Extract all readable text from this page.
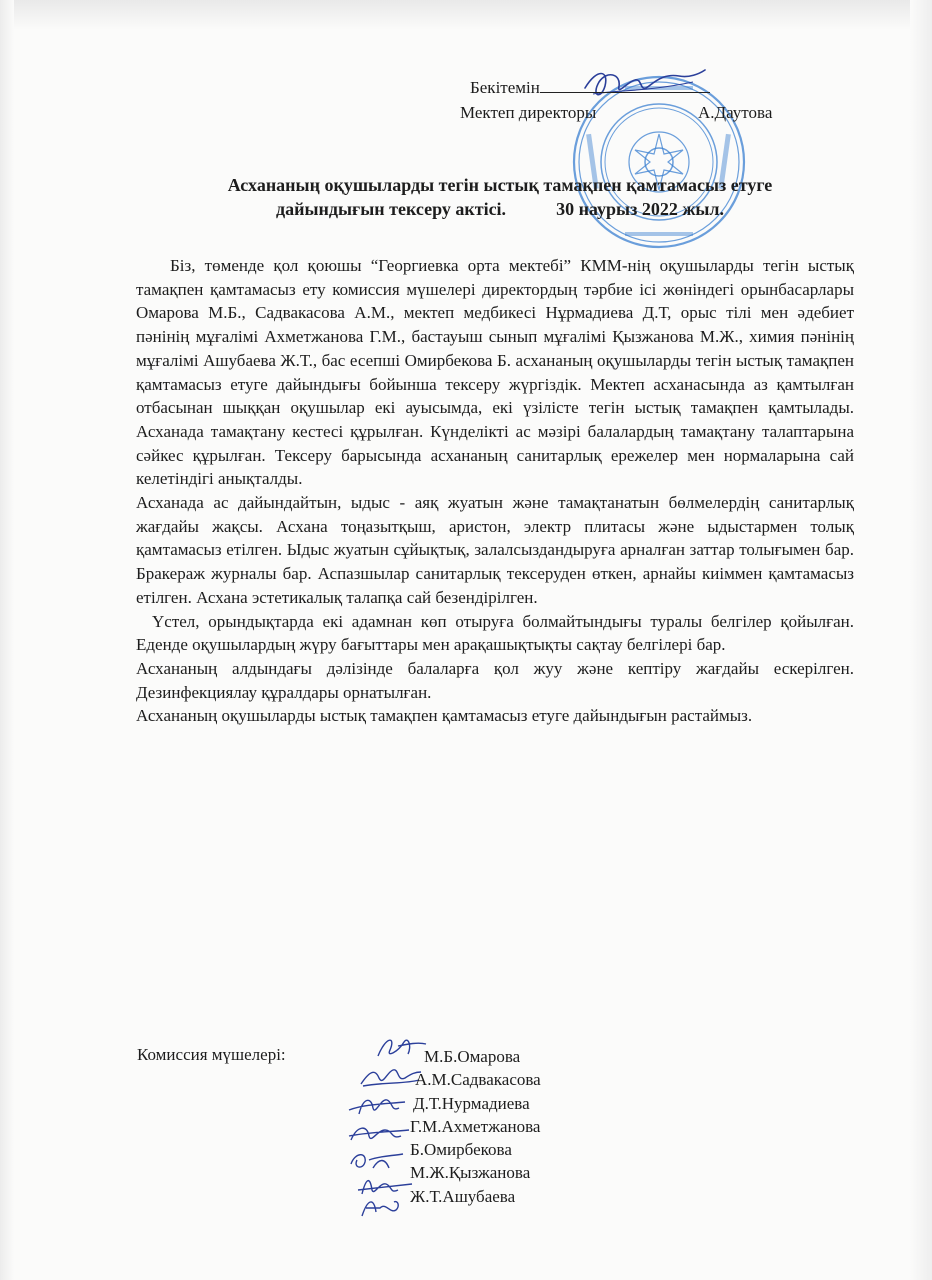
Бекітемін
Мектеп директоры	А.Даутова
Асхананың оқушыларды тегін ыстық тамақпен қамтамасыз етуге
дайындығын тексеру актісі.	30 наурыз 2022 жыл.

Біз, төменде қол қоюшы “Георгиевка орта мектебі” КММ-нің оқушыларды тегін ыстық тамақпен қамтамасыз ету комиссия мүшелері директордың тәрбие ісі жөніндегі орынбасарлары Омарова М.Б., Садвакасова А.М., мектеп медбикесі Нұрмадиева Д.Т, орыс тілі мен әдебиет пәнінің мұғалімі Ахметжанова Г.М., бастауыш сынып мұғалімі Қызжанова М.Ж., химия пәнінің мұғалімі Ашубаева Ж.Т., бас есепші Омирбекова Б. асхананың оқушыларды тегін ыстық тамақпен қамтамасыз етуге дайындығы бойынша тексеру жүргіздік. Мектеп асханасында аз қамтылған отбасынан шыққан оқушылар екі ауысымда, екі үзілісте тегін ыстық тамақпен қамтылады. Асханада тамақтану кестесі құрылған. Күнделікті ас мәзірі балалардың тамақтану талаптарына сәйкес құрылған. Тексеру барысында асхананың санитарлық ережелер мен нормаларына сай келетіндігі анықталды.

Асханада ас дайындайтын, ыдыс - аяқ жуатын және тамақтанатын бөлмелердің санитарлық жағдайы жақсы. Асхана тоңазытқыш, аристон, электр плитасы және ыдыстармен толық қамтамасыз етілген. Ыдыс жуатын сұйықтық, залалсыздандыруға арналған заттар толығымен бар. Бракераж журналы бар. Аспазшылар санитарлық тексеруден өткен, арнайы киіммен қамтамасыз етілген. Асхана эстетикалық талапқа сай безендірілген.

Үстел, орындықтарда екі адамнан көп отыруға болмайтындығы туралы белгілер қойылған. Еденде оқушылардың жүру бағыттары мен арақашықтықты сақтау белгілері бар.

Асхананың алдындағы дәлізінде балаларға қол жуу және кептіру жағдайы ескерілген. Дезинфекциялау құралдары орнатылған.

Асхананың оқушыларды ыстық тамақпен қамтамасыз етуге дайындығын растаймыз.

Комиссия мүшелері:	М.Б.Омарова
А.М.Садвакасова
Д.Т.Нурмадиева
Г.М.Ахметжанова
Б.Омирбекова
М.Ж.Қызжанова
Ж.Т.Ашубаева
